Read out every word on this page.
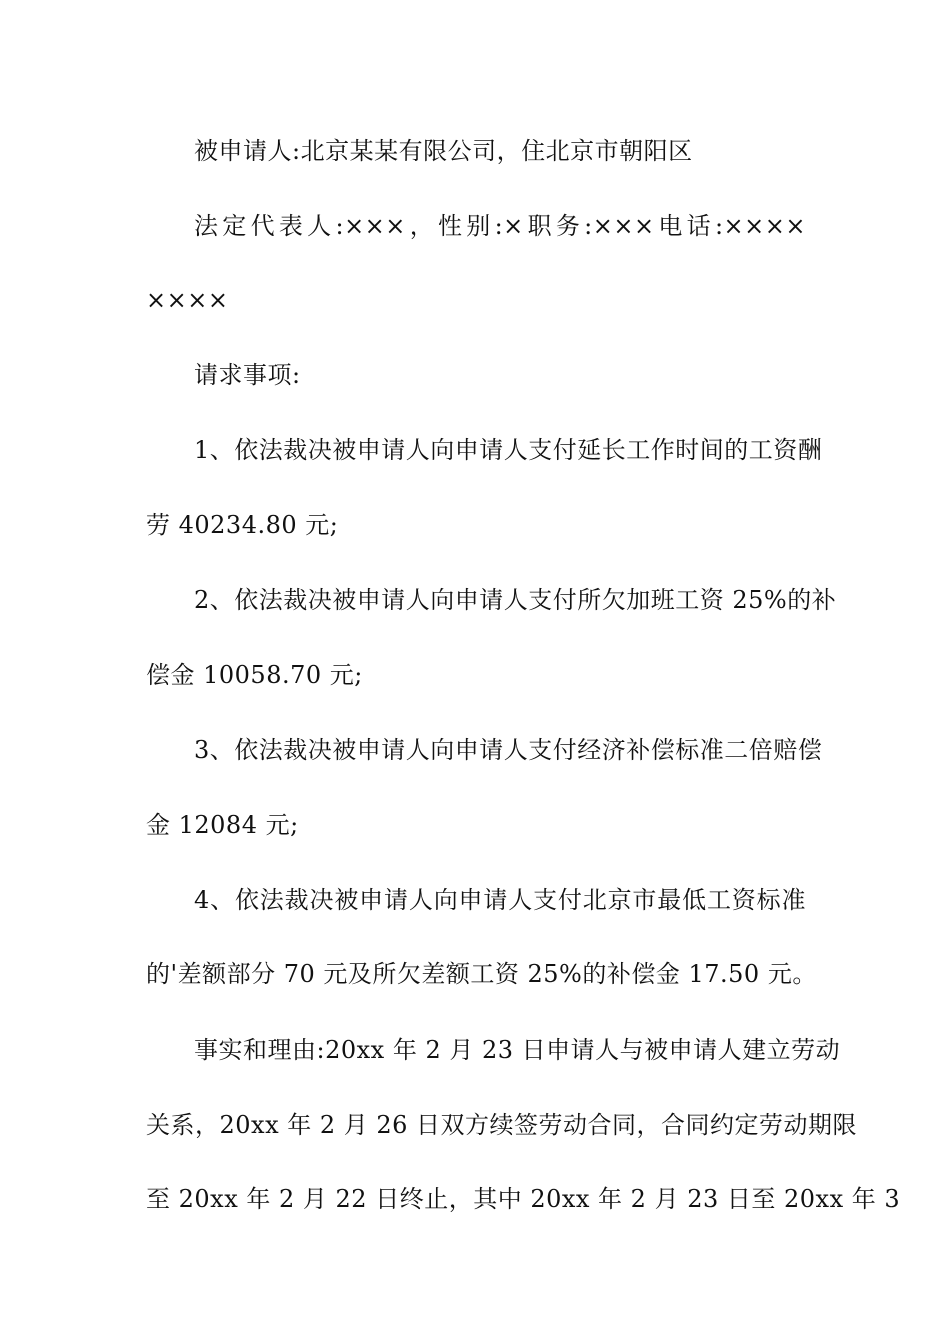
被申请人:北京某某有限公司，住北京市朝阳区
法定代表人:×××，性别:×职务:×××电话:××××
××××
请求事项:
1、依法裁决被申请人向申请人支付延长工作时间的工资酬
劳 40234.80 元;
2、依法裁决被申请人向申请人支付所欠加班工资 25%的补
偿金 10058.70 元;
3、依法裁决被申请人向申请人支付经济补偿标准二倍赔偿
金 12084 元;
4、依法裁决被申请人向申请人支付北京市最低工资标准
的'差额部分 70 元及所欠差额工资 25%的补偿金 17.50 元。
事实和理由:20xx 年 2 月 23 日申请人与被申请人建立劳动
关系，20xx 年 2 月 26 日双方续签劳动合同，合同约定劳动期限
至 20xx 年 2 月 22 日终止，其中 20xx 年 2 月 23 日至 20xx 年 3
